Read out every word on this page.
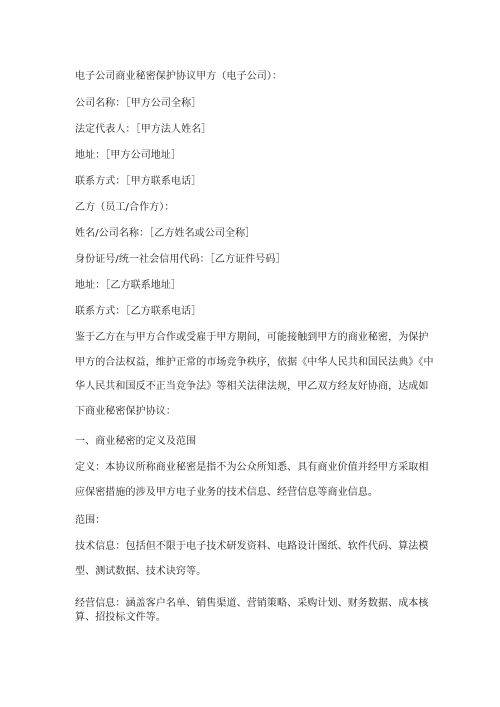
电子公司商业秘密保护协议甲方（电子公司）：
公司名称：［甲方公司全称］
法定代表人：［甲方法人姓名］
地址：［甲方公司地址］
联系方式：［甲方联系电话］
乙方（员工/合作方）：
姓名/公司名称：［乙方姓名或公司全称］
身份证号/统一社会信用代码：［乙方证件号码］
地址：［乙方联系地址］
联系方式：［乙方联系电话］
鉴于乙方在与甲方合作或受雇于甲方期间，可能接触到甲方的商业秘密，为保护甲方的合法权益，维护正常的市场竞争秩序，依据《中华人民共和国民法典》《中华人民共和国反不正当竞争法》等相关法律法规，甲乙双方经友好协商，达成如下商业秘密保护协议：
一、商业秘密的定义及范围
定义：本协议所称商业秘密是指不为公众所知悉、具有商业价值并经甲方采取相应保密措施的涉及甲方电子业务的技术信息、经营信息等商业信息。
范围：
技术信息：包括但不限于电子技术研发资料、电路设计图纸、软件代码、算法模型、测试数据、技术诀窍等。
经营信息：涵盖客户名单、销售渠道、营销策略、采购计划、财务数据、成本核算、招投标文件等。
